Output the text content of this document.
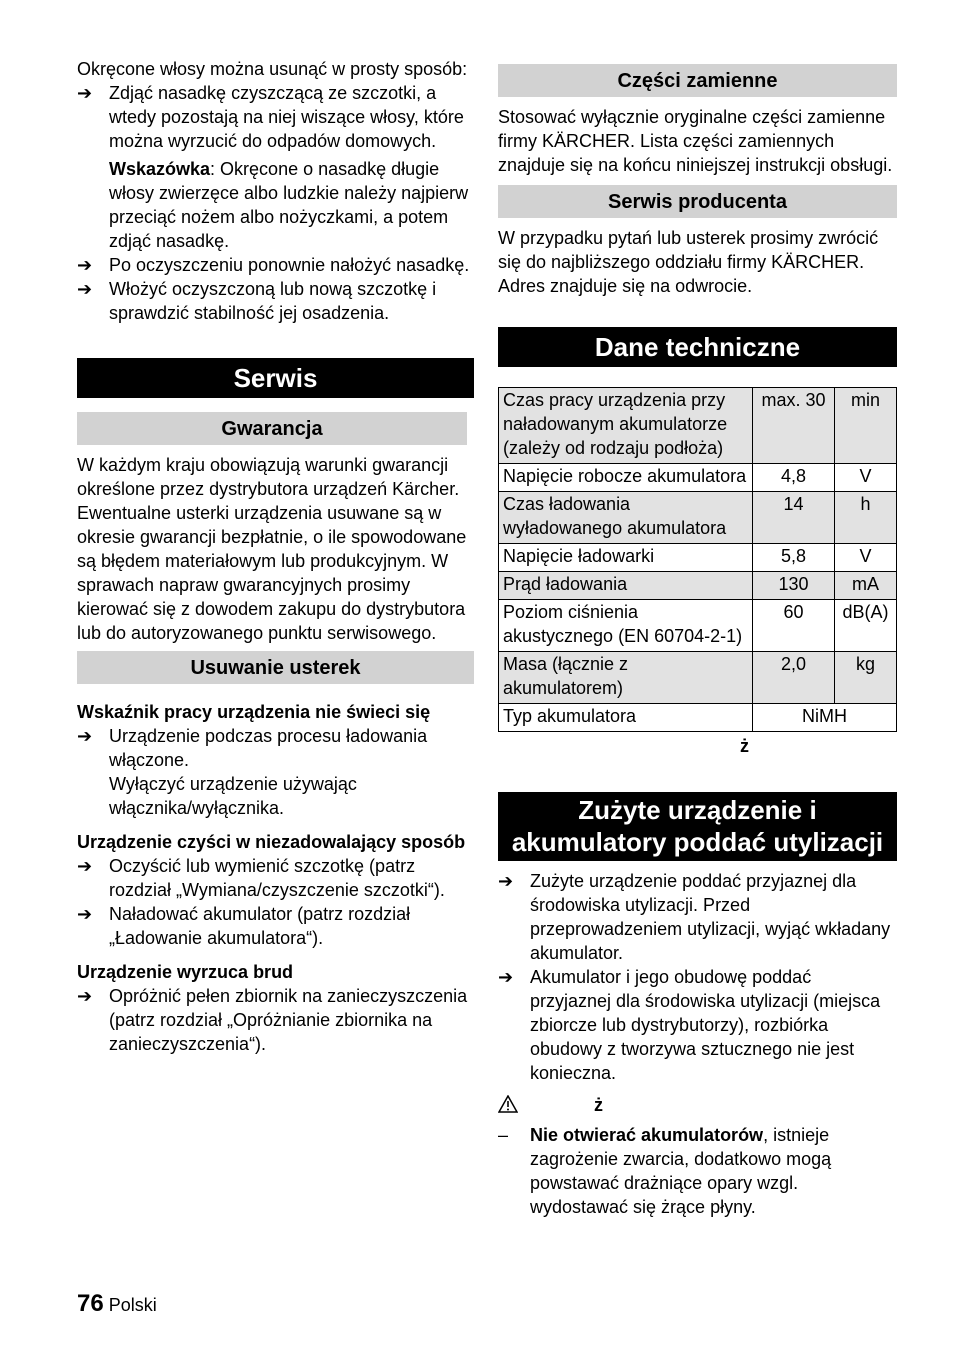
Okręcone włosy można usunąć w prosty sposób:

➔ Zdjąć nasadkę czyszczącą ze szczotki, a wtedy pozostają na niej wiszące włosy, które można wyrzucić do odpadów domowych.

Wskazówka: Okręcone o nasadkę długie włosy zwierzęce albo ludzkie należy najpierw przeciąć nożem albo nożyczkami, a potem zdjąć nasadkę.

➔ Po oczyszczeniu ponownie nałożyć nasadkę.
➔ Włożyć oczyszczoną lub nową szczotkę i sprawdzić stabilność jej osadzenia.
Serwis
Gwarancja

W każdym kraju obowiązują warunki gwarancji określone przez dystrybutora urządzeń Kärcher. Ewentualne usterki urządzenia usuwane są w okresie gwarancji bezpłatnie, o ile spowodowane są błędem materiałowym lub produkcyjnym. W sprawach napraw gwarancyjnych prosimy kierować się z dowodem zakupu do dystrybutora lub do autoryzowanego punktu serwisowego.

Usuwanie usterek

Wskaźnik pracy urządzenia nie świeci się

➔ Urządzenie podczas procesu ładowania włączone.

Wyłączyć urządzenie używając włącznika/wyłącznika.

Urządzenie czyści w niezadowalający sposób

➔ Oczyścić lub wymienić szczotkę (patrz rozdział „Wymiana/czyszczenie szczotki“).
➔ Naładować akumulator (patrz rozdział „Ładowanie akumulatora“).

Urządzenie wyrzuca brud

➔ Opróżnić pełen zbiornik na zanieczyszczenia (patrz rozdział „Opróżnianie zbiornika na zanieczyszczenia“).
Części zamienne

Stosować wyłącznie oryginalne części zamienne firmy KÄRCHER. Lista części zamiennych znajduje się na końcu niniejszej instrukcji obsługi.

Serwis producenta

W przypadku pytań lub usterek prosimy zwrócić się do najbliższego oddziału firmy KÄRCHER. Adres znajduje się na odwrocie.

Dane techniczne
Czas pracy urządzenia przy naładowanym akumulatorze (zależy od rodzaju podłoża)	max. 30	min
Napięcie robocze akumulatora	4,8	V
Czas ładowania wyładowanego akumulatora	14	h
Napięcie ładowarki	5,8	V
Prąd ładowania	130	mA
Poziom ciśnienia akustycznego (EN 60704-2-1)	60	dB(A)
Masa (łącznie z akumulatorem)	2,0	kg
Typ akumulatora	NiMH	

ż

Zużyte urządzenie i
akumulatory poddać utylizacji
➔ Zużyte urządzenie poddać przyjaznej dla środowiska utylizacji. Przed przeprowadzeniem utylizacji, wyjąć wkładany akumulator.
➔ Akumulator i jego obudowę poddać przyjaznej dla środowiska utylizacji (miejsca zbiorcze lub dystrybutorzy), rozbiórka obudowy z tworzywa sztucznego nie jest konieczna.
ż
–	Nie otwierać akumulatorów, istnieje zagrożenie zwarcia, dodatkowo mogą powstawać drażniące opary wzgl. wydostawać się żrące płyny.
76 Polski
